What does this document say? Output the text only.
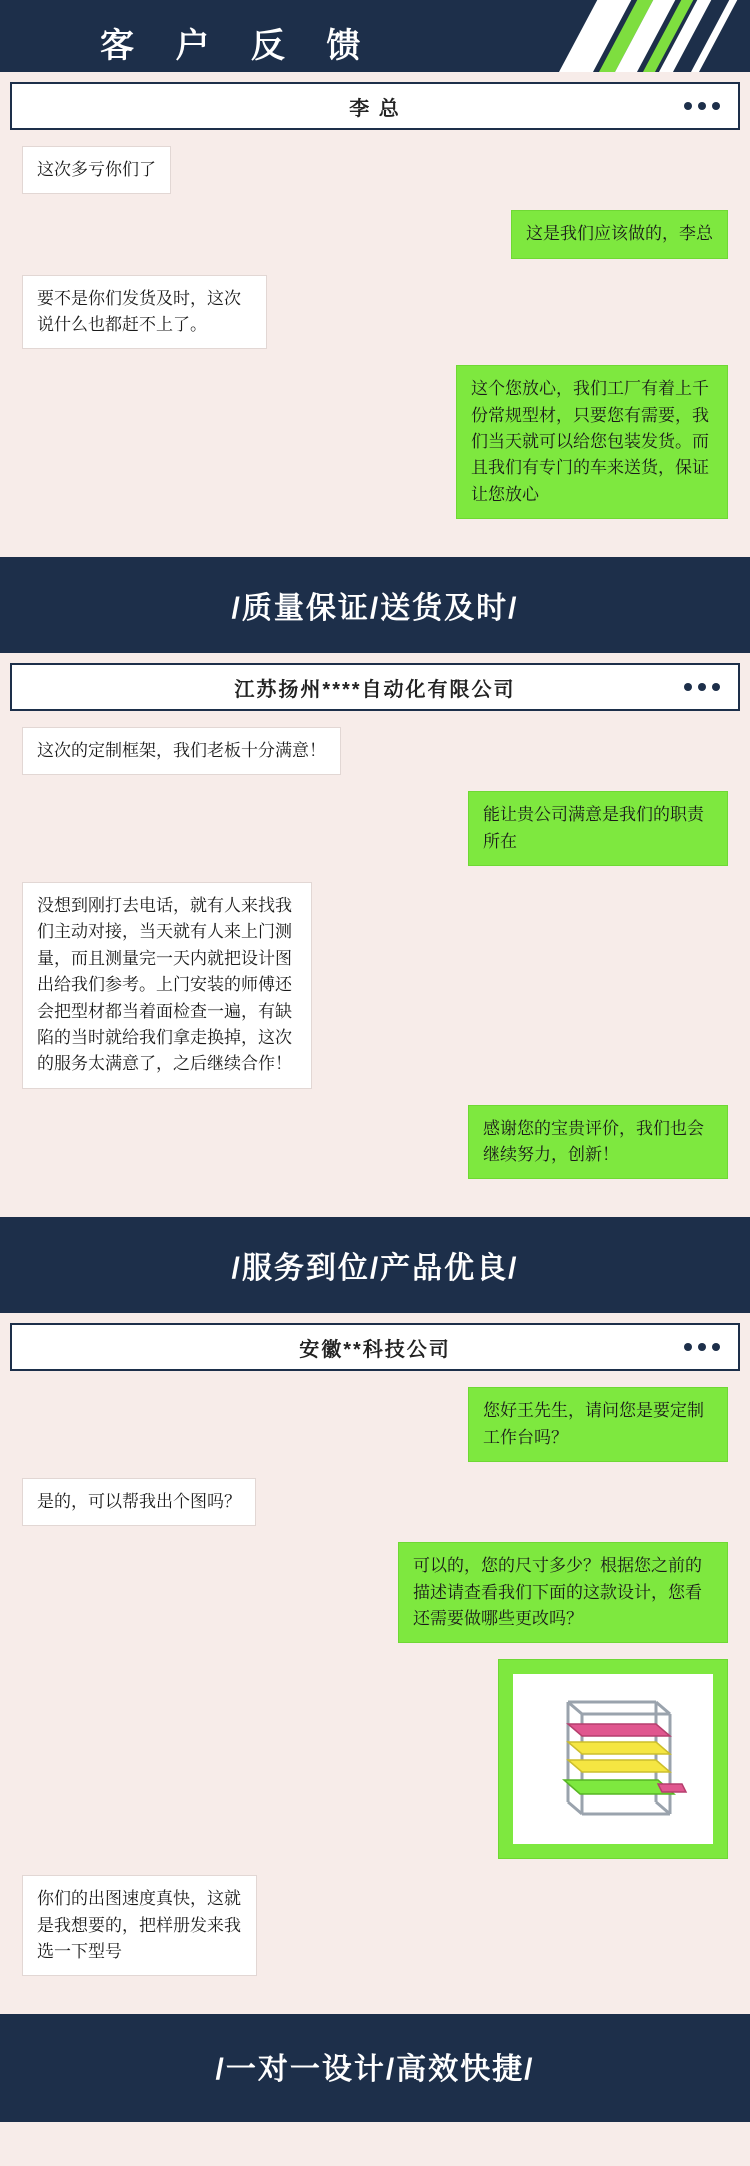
客 户 反 馈
李 总
这次多亏你们了
这是我们应该做的，李总
要不是你们发货及时，这次说什么也都赶不上了。
这个您放心，我们工厂有着上千份常规型材，只要您有需要，我们当天就可以给您包装发货。而且我们有专门的车来送货，保证让您放心
/质量保证/送货及时/
江苏扬州****自动化有限公司
这次的定制框架，我们老板十分满意！
能让贵公司满意是我们的职责所在
没想到刚打去电话，就有人来找我们主动对接，当天就有人来上门测量，而且测量完一天内就把设计图出给我们参考。上门安装的师傅还会把型材都当着面检查一遍，有缺陷的当时就给我们拿走换掉，这次的服务太满意了，之后继续合作！
感谢您的宝贵评价，我们也会继续努力，创新！
/服务到位/产品优良/
安徽**科技公司
您好王先生，请问您是要定制工作台吗？
是的，可以帮我出个图吗？
可以的，您的尺寸多少？根据您之前的描述请查看我们下面的这款设计，您看还需要做哪些更改吗？
你们的出图速度真快，这就是我想要的，把样册发来我选一下型号
/一对一设计/高效快捷/
